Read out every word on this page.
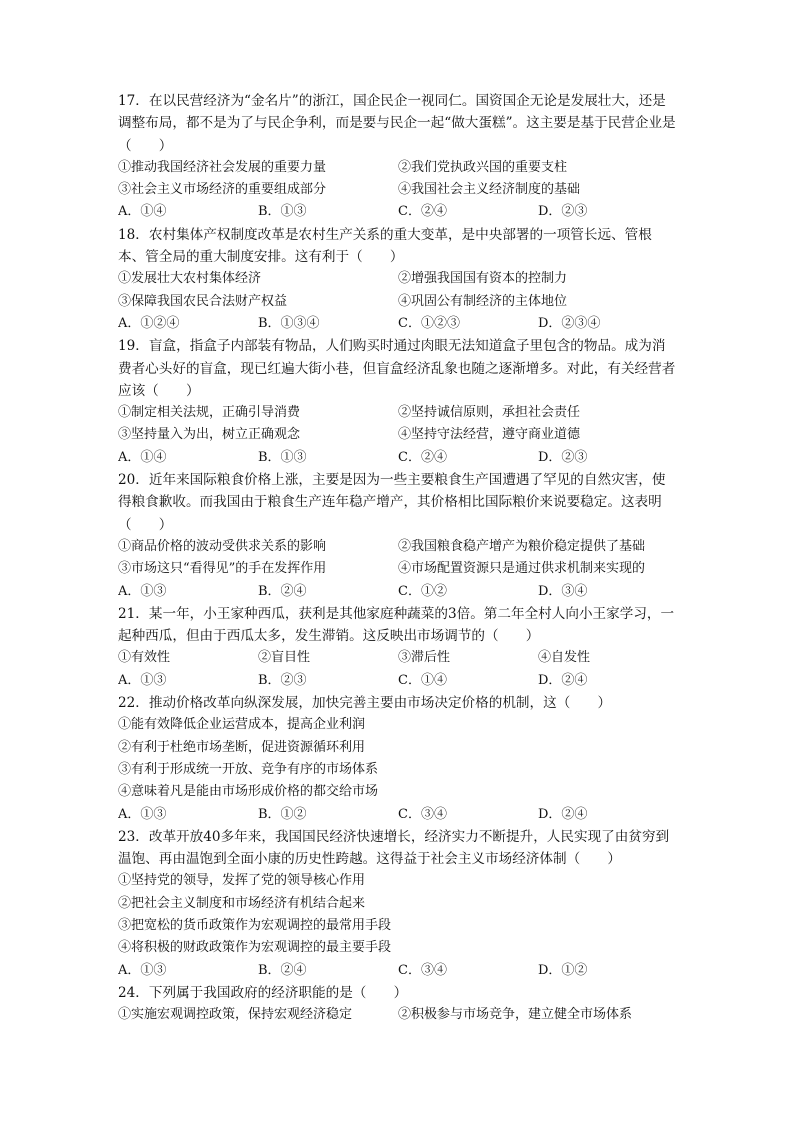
17．在以民营经济为“金名片”的浙江，国企民企一视同仁。国资国企无论是发展壮大，还是调整布局，都不是为了与民企争利，而是要与民企一起“做大蛋糕”。这主要是基于民营企业是（　　）

①推动我国经济社会发展的重要力量	②我们党执政兴国的重要支柱
③社会主义市场经济的重要组成部分	④我国社会主义经济制度的基础
A．①④	B．①③	C．②④	D．②③

18．农村集体产权制度改革是农村生产关系的重大变革，是中央部署的一项管长远、管根本、管全局的重大制度安排。这有利于（　　）

①发展壮大农村集体经济	②增强我国国有资本的控制力
③保障我国农民合法财产权益	④巩固公有制经济的主体地位
A．①②④	B．①③④	C．①②③	D．②③④

19．盲盒，指盒子内部装有物品，人们购买时通过肉眼无法知道盒子里包含的物品。成为消费者心头好的盲盒，现已红遍大街小巷，但盲盒经济乱象也随之逐渐增多。对此，有关经营者应该（　　）

①制定相关法规，正确引导消费	②坚持诚信原则，承担社会责任
③坚持量入为出，树立正确观念	④坚持守法经营，遵守商业道德
A．①④	B．①③	C．②④	D．②③

20．近年来国际粮食价格上涨，主要是因为一些主要粮食生产国遭遇了罕见的自然灾害，使得粮食歉收。而我国由于粮食生产连年稳产增产，其价格相比国际粮价来说要稳定。这表明（　　）

①商品价格的波动受供求关系的影响	②我国粮食稳产增产为粮价稳定提供了基础
③市场这只“看得见”的手在发挥作用	④市场配置资源只是通过供求机制来实现的
A．①③	B．②④	C．①②	D．③④

21．某一年，小王家种西瓜，获利是其他家庭种蔬菜的3倍。第二年全村人向小王家学习，一起种西瓜，但由于西瓜太多，发生滞销。这反映出市场调节的（　　）

①有效性	②盲目性	③滞后性	④自发性
A．①③	B．②③	C．①④	D．②④

22．推动价格改革向纵深发展，加快完善主要由市场决定价格的机制，这（　　）

①能有效降低企业运营成本，提高企业利润
②有利于杜绝市场垄断，促进资源循环利用
③有利于形成统一开放、竞争有序的市场体系
④意味着凡是能由市场形成价格的都交给市场
A．①③	B．①②	C．③④	D．②④

23．改革开放40多年来，我国国民经济快速增长，经济实力不断提升，人民实现了由贫穷到温饱、再由温饱到全面小康的历史性跨越。这得益于社会主义市场经济体制（　　）

①坚持党的领导，发挥了党的领导核心作用
②把社会主义制度和市场经济有机结合起来
③把宽松的货币政策作为宏观调控的最常用手段
④将积极的财政政策作为宏观调控的最主要手段
A．①③	B．②④	C．③④	D．①②

24．下列属于我国政府的经济职能的是（　　）

①实施宏观调控政策，保持宏观经济稳定	②积极参与市场竞争，建立健全市场体系
